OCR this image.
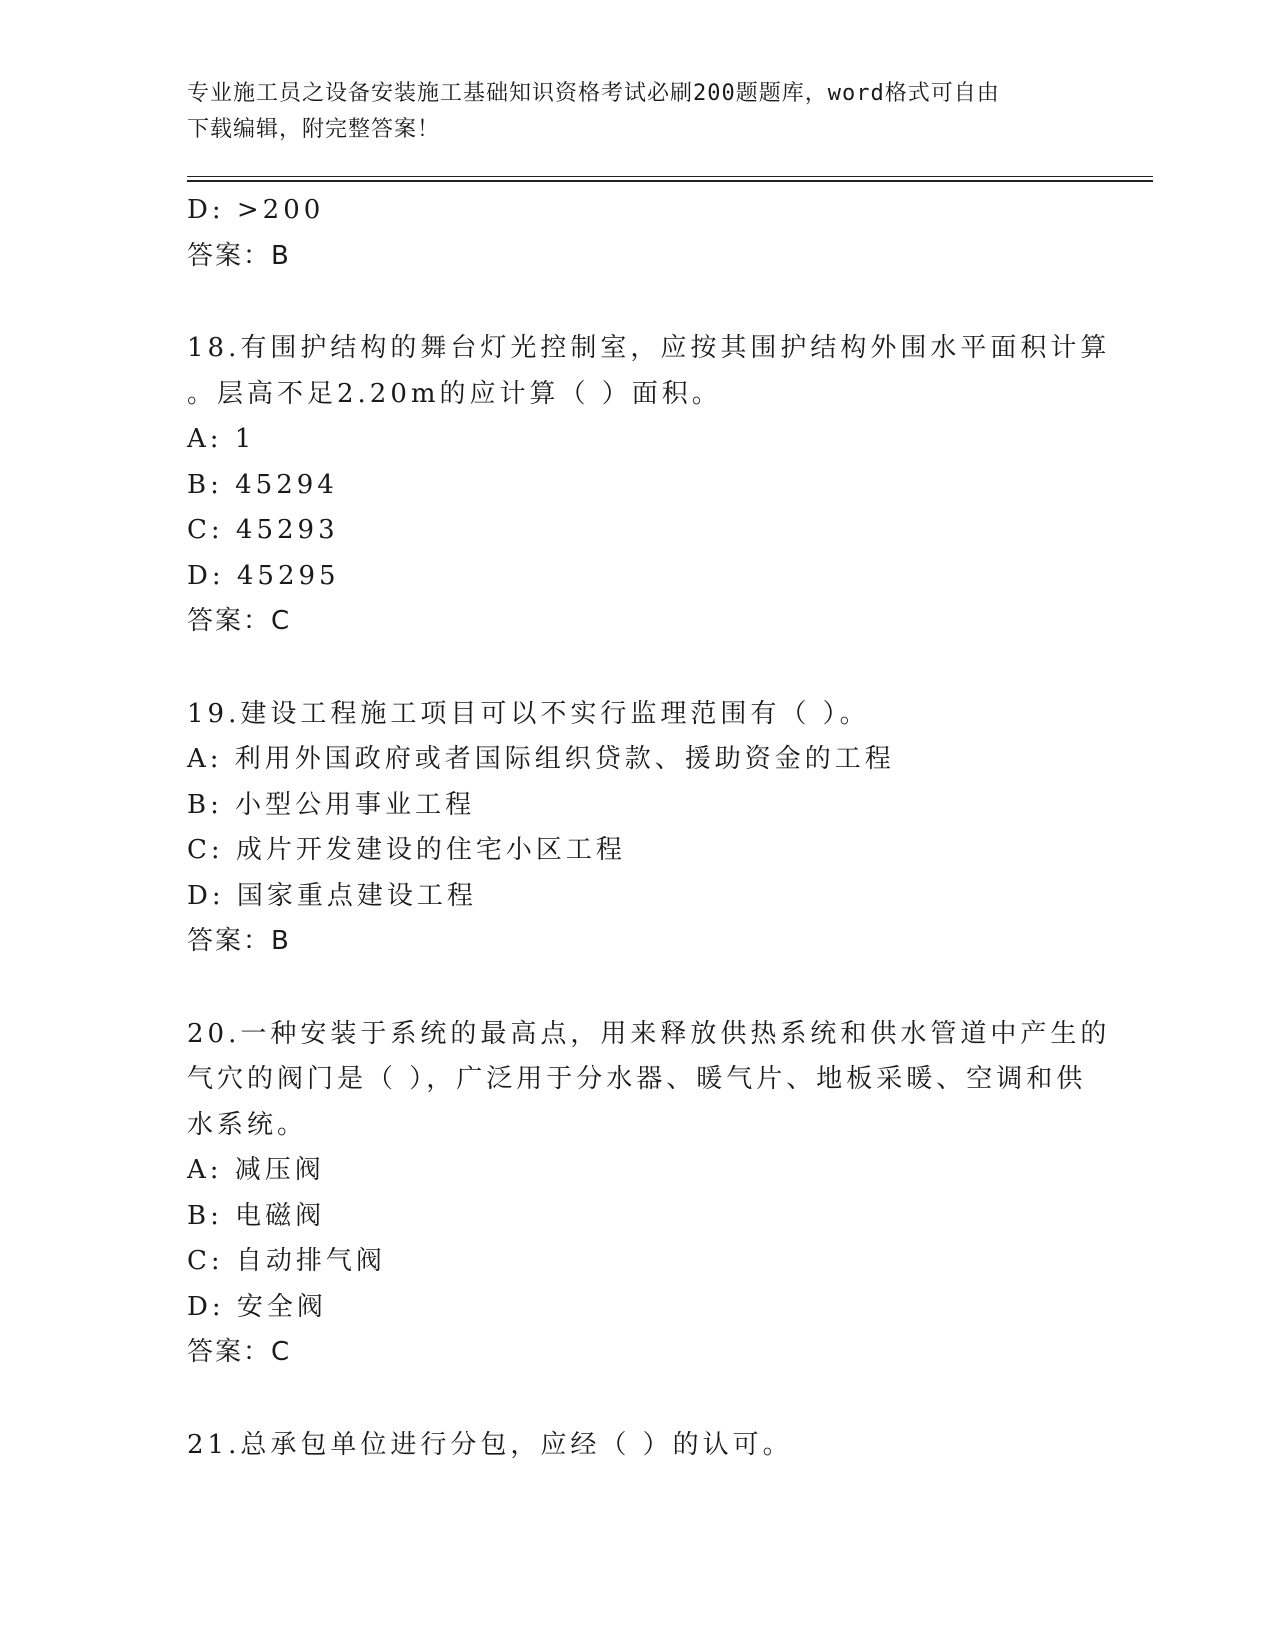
专业施工员之设备安装施工基础知识资格考试必刷200题题库，word格式可自由
下载编辑，附完整答案！
D: >200
答案：B
18.有围护结构的舞台灯光控制室，应按其围护结构外围水平面积计算
。层高不足2.20m的应计算（ ）面积。
A: 1
B: 45294
C: 45293
D: 45295
答案：C
19.建设工程施工项目可以不实行监理范围有（ ）。
A: 利用外国政府或者国际组织贷款、援助资金的工程
B: 小型公用事业工程
C: 成片开发建设的住宅小区工程
D: 国家重点建设工程
答案：B
20.一种安装于系统的最高点，用来释放供热系统和供水管道中产生的
气穴的阀门是（ ），广泛用于分水器、暖气片、地板采暖、空调和供
水系统。
A: 减压阀
B: 电磁阀
C: 自动排气阀
D: 安全阀
答案：C
21.总承包单位进行分包，应经（ ）的认可。
